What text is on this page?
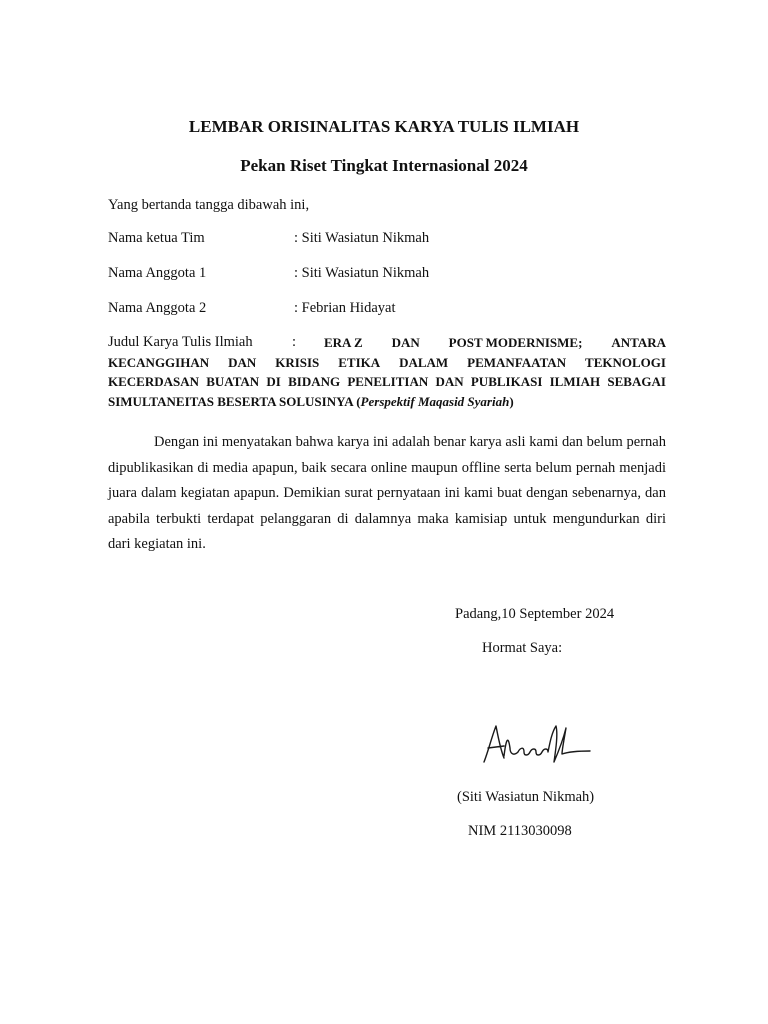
LEMBAR ORISINALITAS KARYA TULIS ILMIAH
Pekan Riset Tingkat Internasional 2024
Yang bertanda tangga dibawah ini,
Nama ketua Tim	: Siti Wasiatun Nikmah
Nama Anggota 1	: Siti Wasiatun Nikmah
Nama Anggota 2	: Febrian Hidayat
Judul Karya Tulis Ilmiah	: ERA Z DAN POST MODERNISME; ANTARA
KECANGGIHAN DAN KRISIS ETIKA DALAM PEMANFAATAN TEKNOLOGI
KECERDASAN BUATAN DI BIDANG PENELITIAN DAN PUBLIKASI ILMIAH SEBAGAI
SIMULTANEITAS BESERTA SOLUSINYA (Perspektif Maqasid Syariah)

Dengan ini menyatakan bahwa karya ini adalah benar karya asli kami dan belum pernah dipublikasikan di media apapun, baik secara online maupun offline serta belum pernah menjadi juara dalam kegiatan apapun. Demikian surat pernyataan ini kami buat dengan sebenarnya, dan apabila terbukti terdapat pelanggaran di dalamnya maka kamisiap untuk mengundurkan diri dari kegiatan ini.

Padang,10 September 2024
Hormat Saya:
(Siti Wasiatun Nikmah)
NIM 2113030098
